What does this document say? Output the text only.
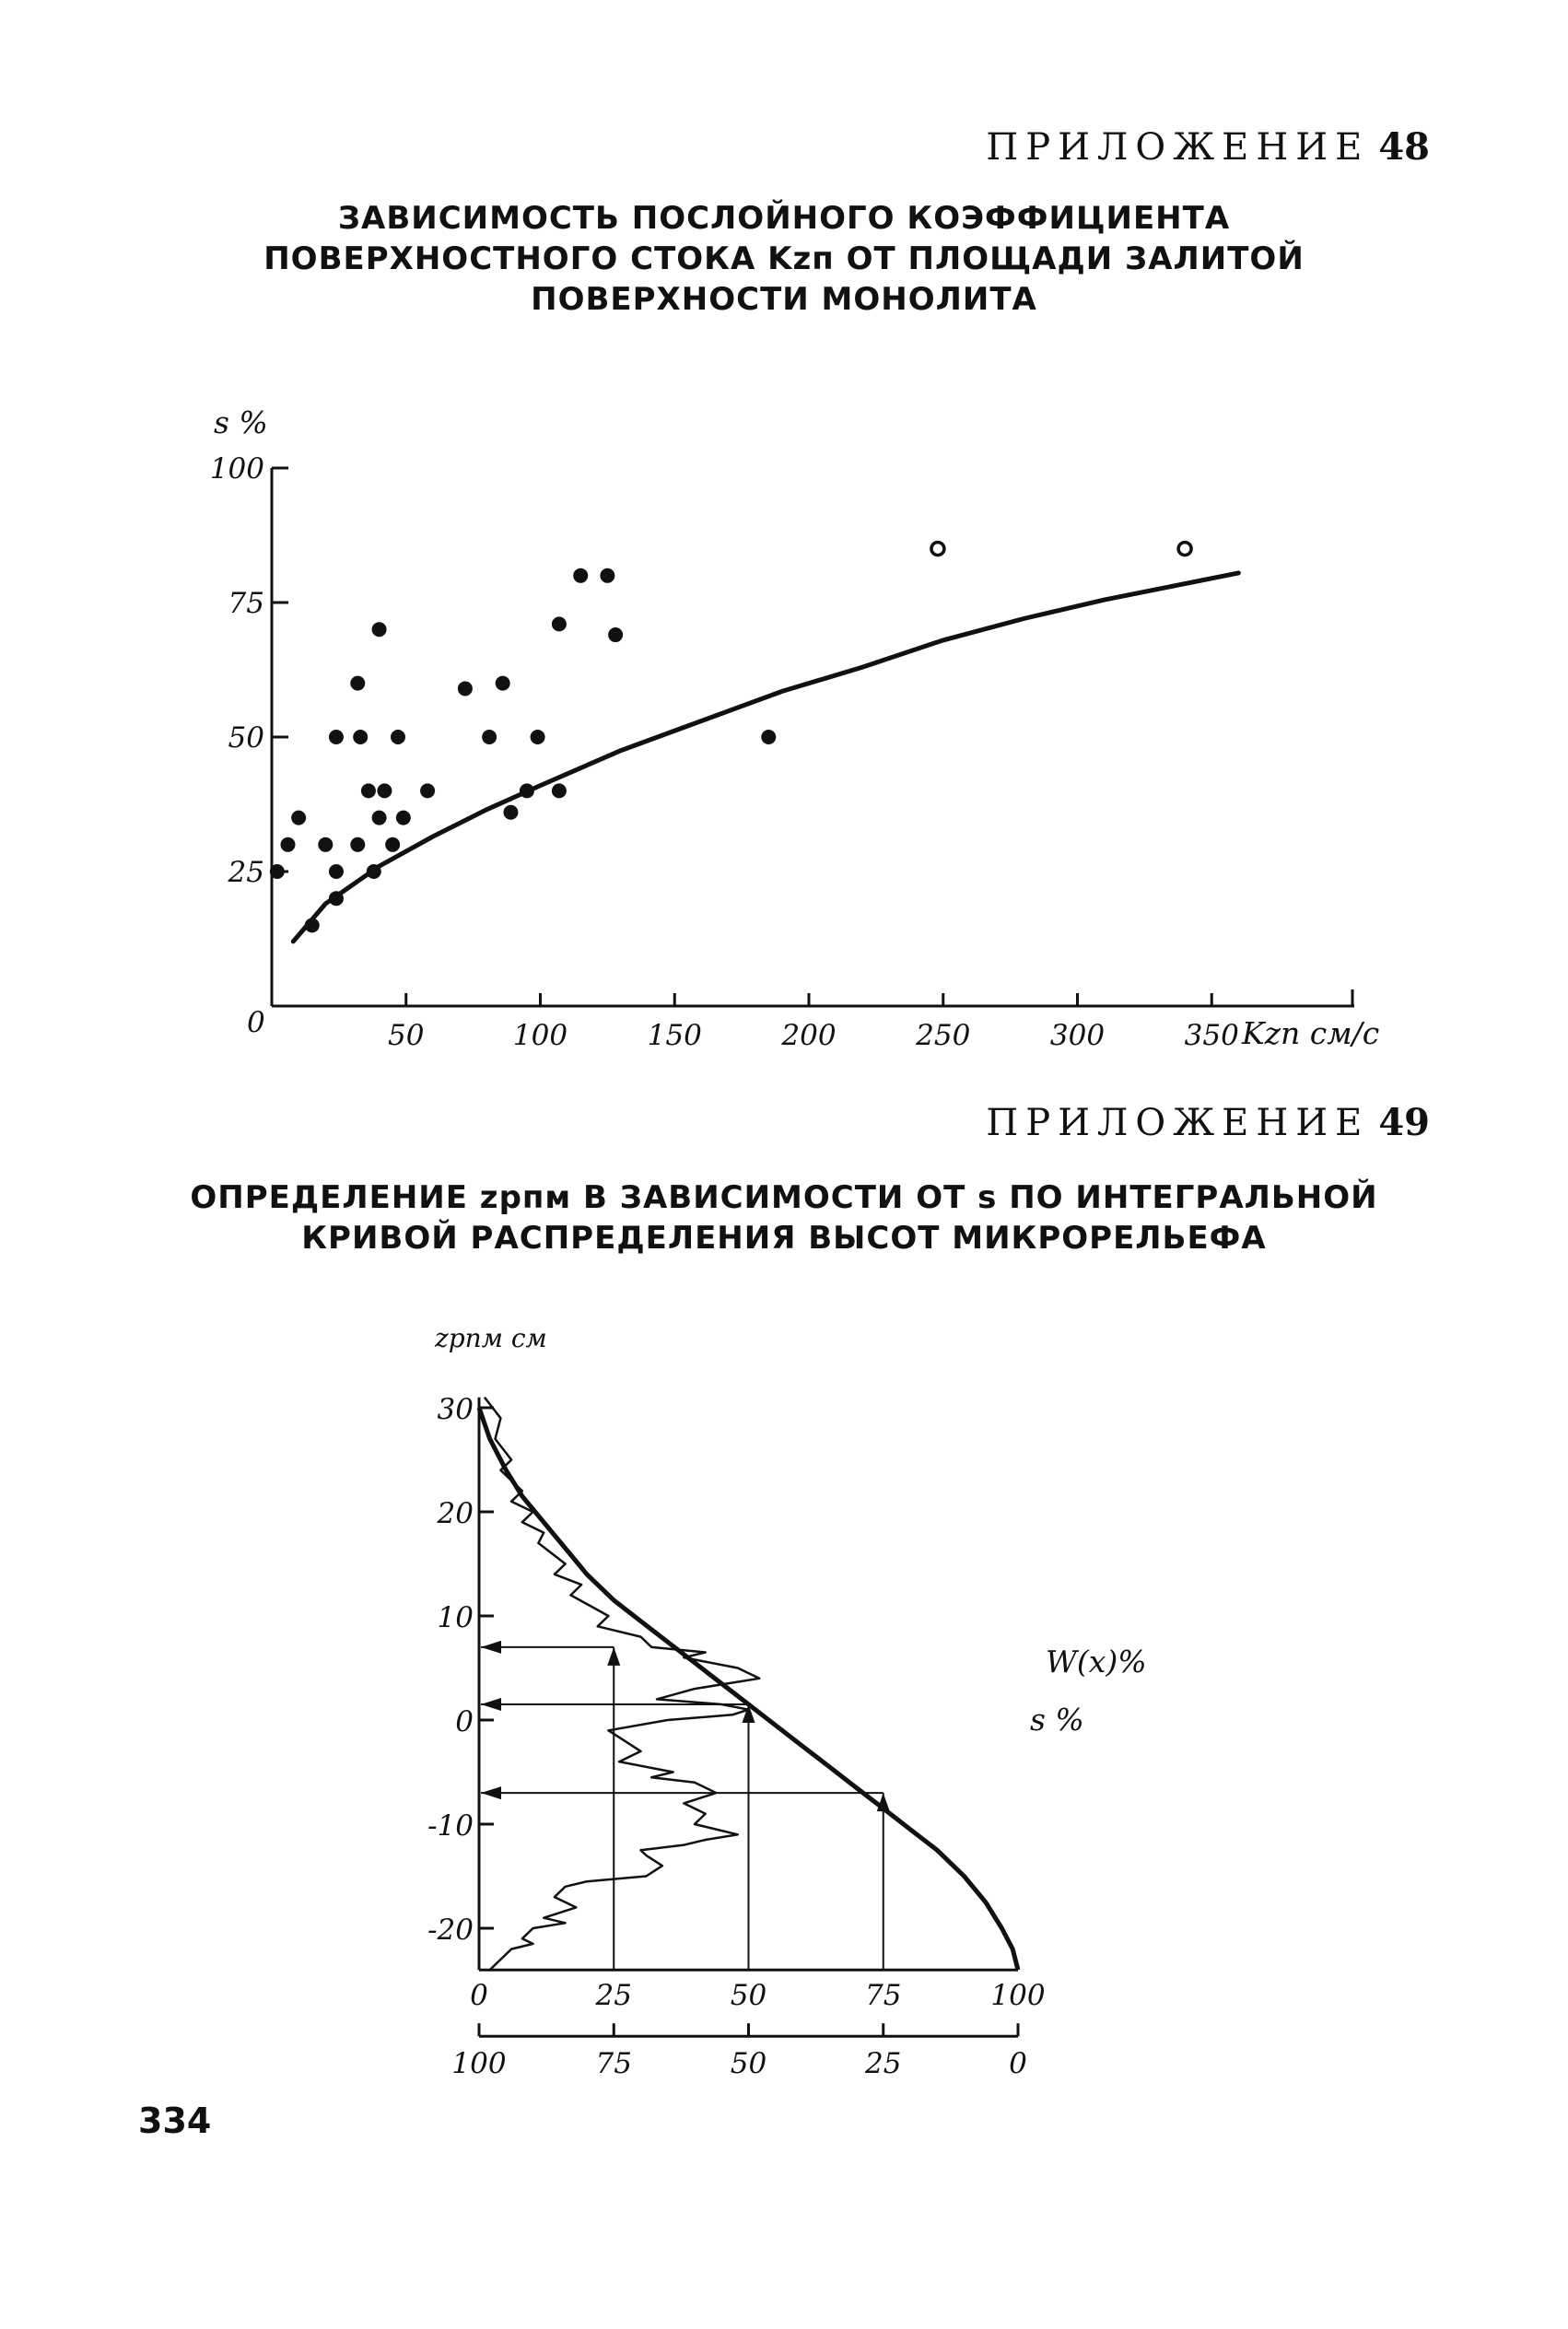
ПРИЛОЖЕНИЕ 48
ЗАВИСИМОСТЬ ПОСЛОЙНОГО КОЭФФИЦИЕНТА
ПОВЕРХНОСТНОГО СТОКА Kzп ОТ ПЛОЩАДИ ЗАЛИТОЙ
ПОВЕРХНОСТИ МОНОЛИТА
50	100	150	200	250	300	350
25
50
75
100
s %
Kzп см/с
0
ПРИЛОЖЕНИЕ 49
ОПРЕДЕЛЕНИЕ zрпм В ЗАВИСИМОСТИ ОТ s ПО ИНТЕГРАЛЬНОЙ
КРИВОЙ РАСПРЕДЕЛЕНИЯ ВЫСОТ МИКРОРЕЛЬЕФА
30
20
10
0
-10
-20
0	25	50	75	100
100	75	50	25	0
zрпм см
W(x)%
s %
334
